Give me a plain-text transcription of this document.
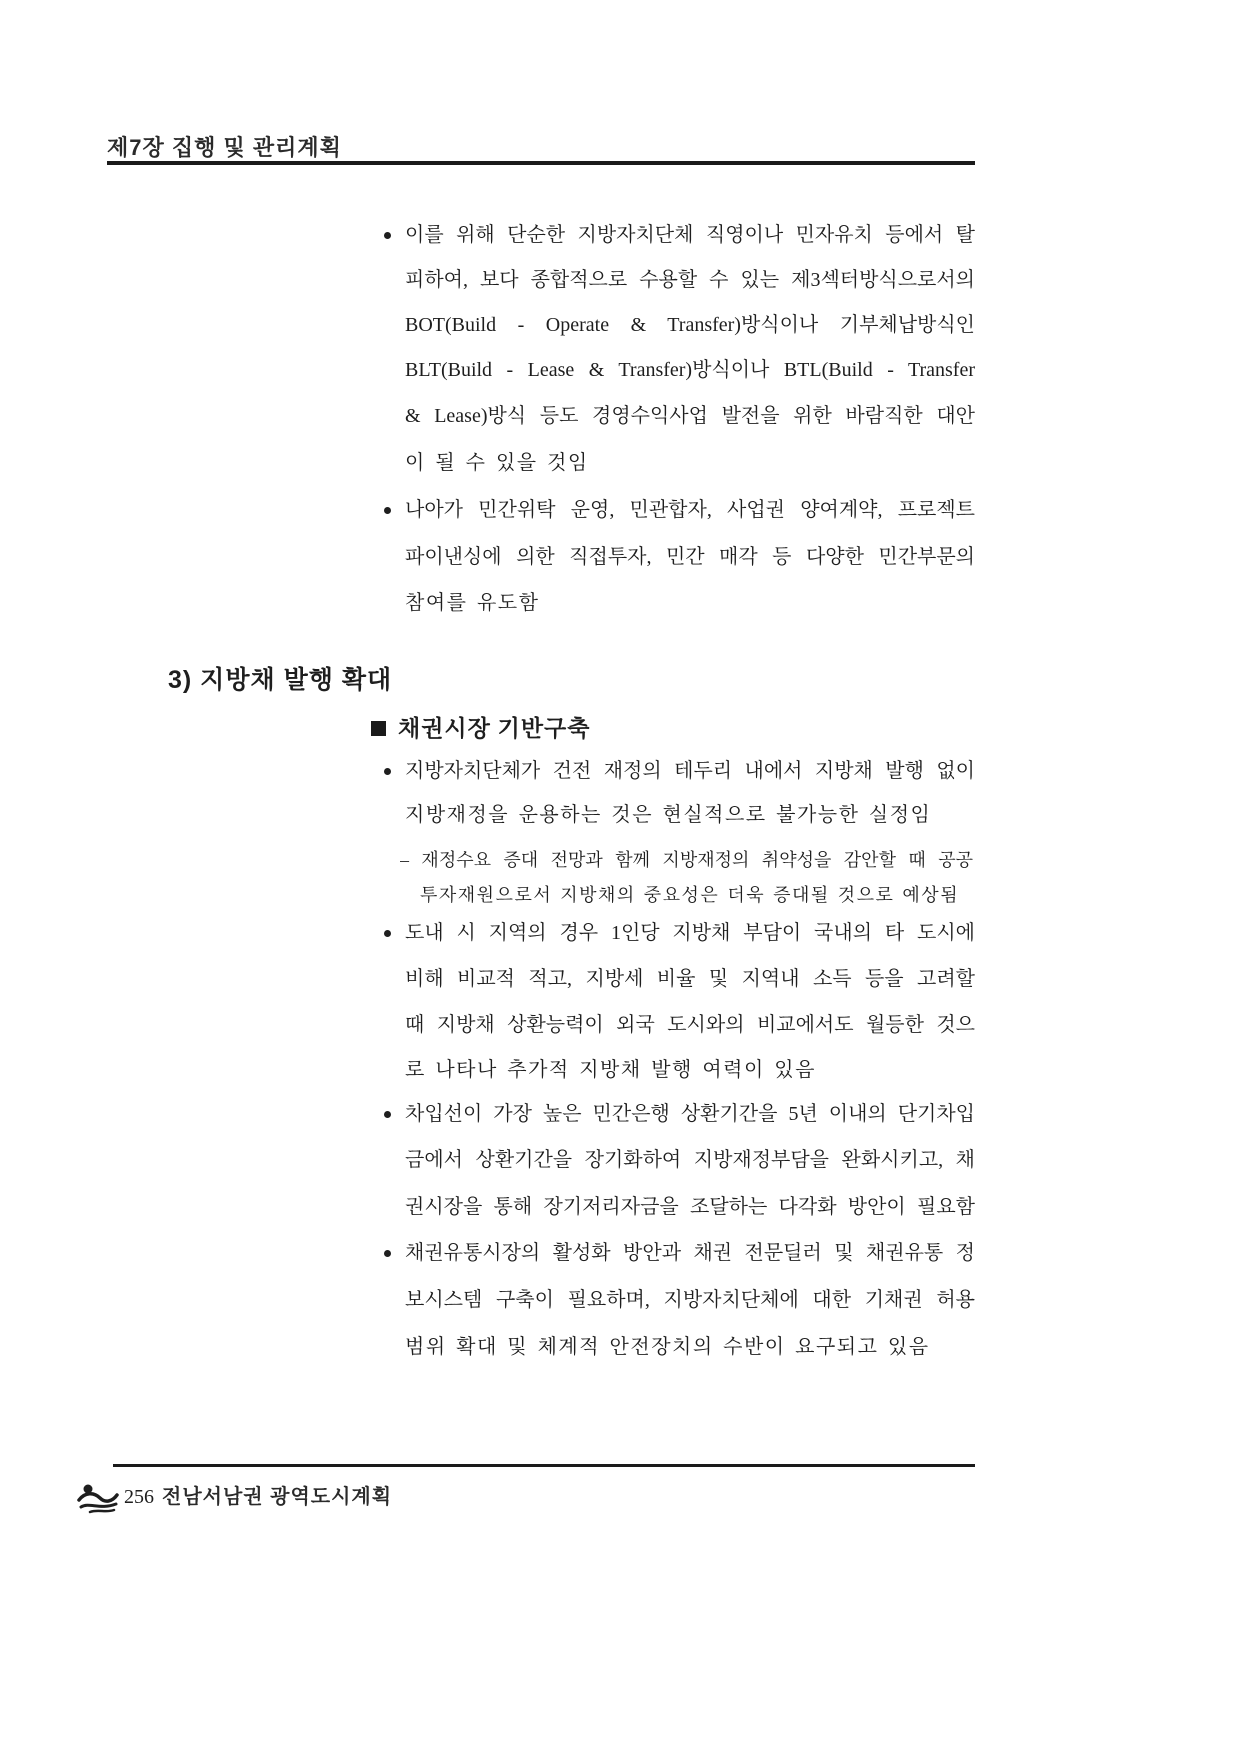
제7장 집행 및 관리계획
이를 위해 단순한 지방자치단체 직영이나 민자유치 등에서 탈
피하여, 보다 종합적으로 수용할 수 있는 제3섹터방식으로서의
BOT(Build - Operate & Transfer)방식이나 기부체납방식인
BLT(Build - Lease & Transfer)방식이나 BTL(Build - Transfer
& Lease)방식 등도 경영수익사업 발전을 위한 바람직한 대안
이 될 수 있을 것임
나아가 민간위탁 운영, 민관합자, 사업권 양여계약, 프로젝트
파이낸싱에 의한 직접투자, 민간 매각 등 다양한 민간부문의
참여를 유도함
3) 지방채 발행 확대
채권시장 기반구축
지방자치단체가 건전 재정의 테두리 내에서 지방채 발행 없이
지방재정을 운용하는 것은 현실적으로 불가능한 실정임
– 재정수요 증대 전망과 함께 지방재정의 취약성을 감안할 때 공공
투자재원으로서 지방채의 중요성은 더욱 증대될 것으로 예상됨
도내 시 지역의 경우 1인당 지방채 부담이 국내의 타 도시에
비해 비교적 적고, 지방세 비율 및 지역내 소득 등을 고려할
때 지방채 상환능력이 외국 도시와의 비교에서도 월등한 것으
로 나타나 추가적 지방채 발행 여력이 있음
차입선이 가장 높은 민간은행 상환기간을 5년 이내의 단기차입
금에서 상환기간을 장기화하여 지방재정부담을 완화시키고, 채
권시장을 통해 장기저리자금을 조달하는 다각화 방안이 필요함
채권유통시장의 활성화 방안과 채권 전문딜러 및 채권유통 정
보시스템 구축이 필요하며, 지방자치단체에 대한 기채권 허용
범위 확대 및 체계적 안전장치의 수반이 요구되고 있음
256 전남서남권 광역도시계획
